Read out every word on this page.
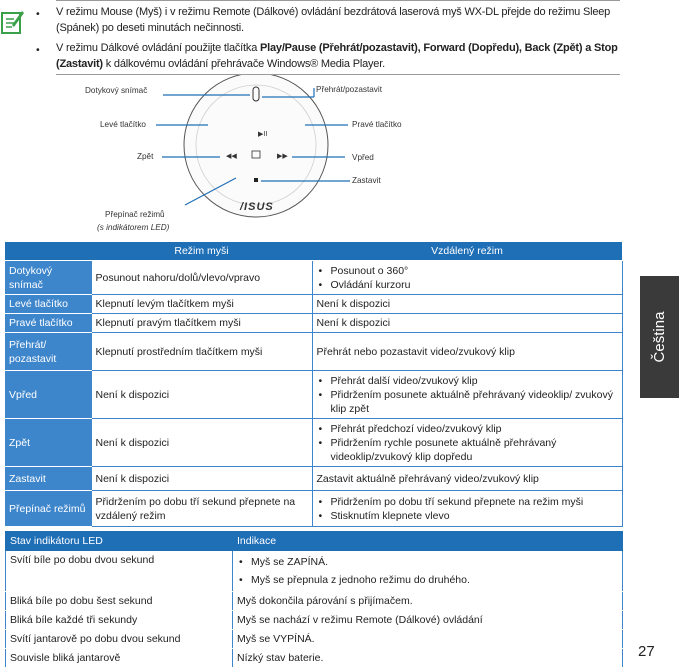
• V režimu Mouse (Myš) i v režimu Remote (Dálkové) ovládání bezdrátová laserová myš WX-DL přejde do režimu Sleep (Spánek) po deseti minutách nečinnosti.
• V režimu Dálkové ovládání použijte tlačítka Play/Pause (Přehrát/pozastavit), Forward (Dopředu), Back (Zpět) a Stop (Zastavit) k dálkovému ovládání přehrávače Windows® Media Player.
▶II
◀◀	▶▶
/ISUS
Dotykový snímač	Přehrát/pozastavit
Levé tlačítko	Pravé tlačítko
Zpět	Vpřed
Zastavit
Přepínač režimů
(s indikátorem LED)
	Režim myši	Vzdálený režim
Dotykový snímač	Posunout nahoru/dolů/vlevo/vpravo	• Posunout o 360°
• Ovládání kurzoru

Levé tlačítko	Klepnutí levým tlačítkem myši	Není k dispozici
Pravé tlačítko	Klepnutí pravým tlačítkem myši	Není k dispozici
Přehrát/ pozastavit	Klepnutí prostředním tlačítkem myši	Přehrát nebo pozastavit video/zvukový klip
Vpřed	Není k dispozici	• Přehrát další video/zvukový klip
• Přidržením posunete aktuálně přehrávaný videoklip/ zvukový klip zpět

Zpět	Není k dispozici	• Přehrát předchozí video/zvukový klip
• Přidržením rychle posunete aktuálně přehrávaný videoklip/zvukový klip dopředu

Zastavit	Není k dispozici	Zastavit aktuálně přehrávaný video/zvukový klip
Přepínač režimů	Přidržením po dobu tří sekund přepnete na vzdálený režim	• Přidržením po dobu tří sekund přepnete na režim myši
• Stisknutím klepnete vlevo
Stav indikátoru LED	Indikace
Svítí bíle po dobu dvou sekund	• Myš se ZAPÍNÁ.
• Myš se přepnula z jednoho režimu do druhého.

Bliká bíle po dobu šest sekund	Myš dokončila párování s přijímačem.
Bliká bíle každé tři sekundy	Myš se nachází v režimu Remote (Dálkové) ovládání
Svítí jantarově po dobu dvou sekund	Myš se VYPÍNÁ.
Souvisle bliká jantarově	Nízký stav baterie.
Čeština
27
